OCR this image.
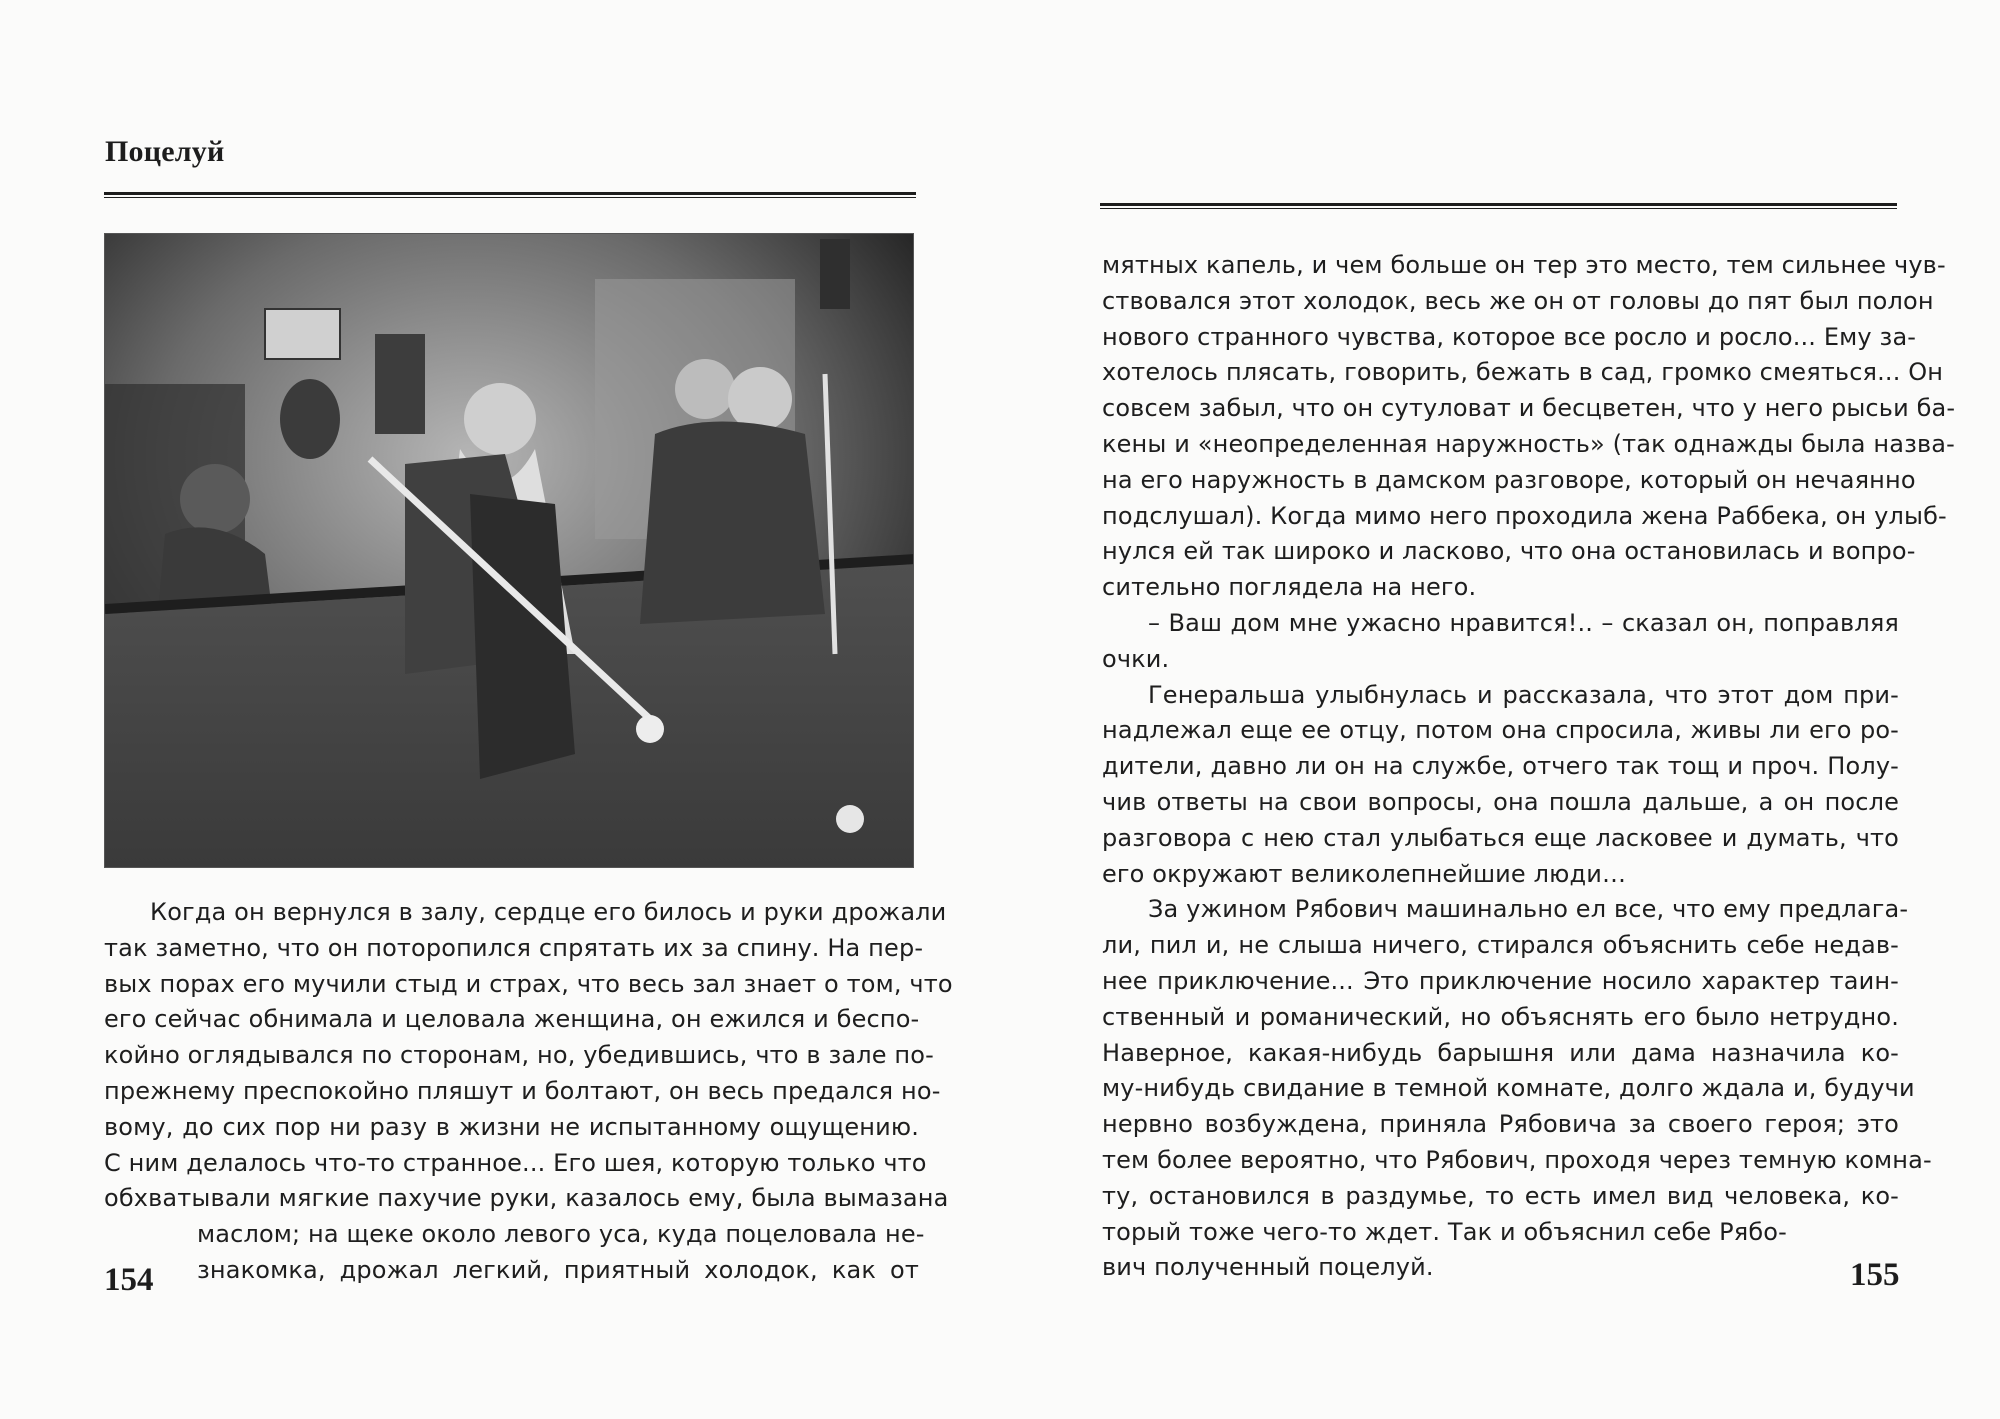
Поцелуй
Когда он вернулся в залу, сердце его билось и руки дрожали
так заметно, что он поторопился спрятать их за спину. На пер-
вых порах его мучили стыд и страх, что весь зал знает о том, что
его сейчас обнимала и целовала женщина, он ежился и беспо-
койно оглядывался по сторонам, но, убедившись, что в зале по-
прежнему преспокойно пляшут и болтают, он весь предался но-
вому, до сих пор ни разу в жизни не испытанному ощущению.
С ним делалось что-то странное... Его шея, которую только что
обхватывали мягкие пахучие руки, казалось ему, была вымазана
маслом; на щеке около левого уса, куда поцеловала не-
знакомка, дрожал легкий, приятный холодок, как от
154
мятных капель, и чем больше он тер это место, тем сильнее чув-
ствовался этот холодок, весь же он от головы до пят был полон
нового странного чувства, которое все росло и росло... Ему за-
хотелось плясать, говорить, бежать в сад, громко смеяться... Он
совсем забыл, что он сутуловат и бесцветен, что у него рысьи ба-
кены и «неопределенная наружность» (так однажды была назва-
на его наружность в дамском разговоре, который он нечаянно
подслушал). Когда мимо него проходила жена Раббека, он улыб-
нулся ей так широко и ласково, что она остановилась и вопро-
сительно поглядела на него.
– Ваш дом мне ужасно нравится!.. – сказал он, поправляя
очки.
Генеральша улыбнулась и рассказала, что этот дом при-
надлежал еще ее отцу, потом она спросила, живы ли его ро-
дители, давно ли он на службе, отчего так тощ и проч. Полу-
чив ответы на свои вопросы, она пошла дальше, а он после
разговора с нею стал улыбаться еще ласковее и думать, что
его окружают великолепнейшие люди…
За ужином Рябович машинально ел все, что ему предлага-
ли, пил и, не слыша ничего, стирался объяснить себе недав-
нее приключение... Это приключение носило характер таин-
ственный и романический, но объяснять его было нетрудно.
Наверное, какая-нибудь барышня или дама назначила ко-
му-нибудь свидание в темной комнате, долго ждала и, будучи
нервно возбуждена, приняла Рябовича за своего героя; это
тем более вероятно, что Рябович, проходя через темную комна-
ту, остановился в раздумье, то есть имел вид человека, ко-
торый тоже чего-то ждет. Так и объяснил себе Рябо-
вич полученный поцелуй.	155
